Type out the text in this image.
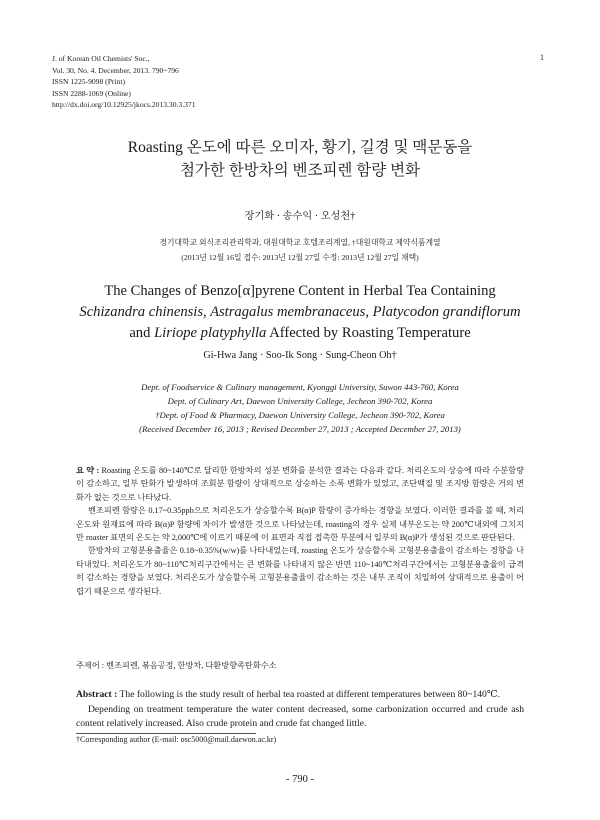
J. of Korean Oil Chemists' Soc.,
Vol. 30, No. 4. December, 2013. 790~796
ISSN 1225-9098 (Print)
ISSN 2288-1069 (Online)
http://dx.doi.org/10.12925/jkocs.2013.30.3.371
1
Roasting 온도에 따른 오미자, 황기, 길경 및 맥문동을
첨가한 한방차의 벤조피렌 함량 변화
장기화 · 송수익 · 오성천†
경기대학교 외식조리관리학과, 대원대학교 호텔조리계열, †대원대학교 제약식품계열
(2013년 12월 16일 접수: 2013년 12월 27일 수정: 2013년 12월 27일 채택)
The Changes of Benzo[α]pyrene Content in Herbal Tea Containing
Schizandra chinensis, Astragalus membranaceus, Platycodon grandiflorum
and Liriope platyphylla Affected by Roasting Temperature
Gi-Hwa Jang · Soo-Ik Song · Sung-Cheon Oh†
Dept. of Foodservice & Culinary management, Kyonggi University, Suwon 443-760, Korea
Dept. of Culinary Art, Daewon University College, Jecheon 390-702, Korea
†Dept. of Food & Pharmacy, Daewon University College, Jecheon 390-702, Korea
(Received December 16, 2013 ; Revised December 27, 2013 ; Accepted December 27, 2013)

요 약 : Roasting 온도를 80~140℃로 달리한 한방차의 성분 변화를 분석한 결과는 다음과 같다. 처리온도의 상승에 따라 수분함량이 감소하고, 일부 탄화가 발생하며 조회분 함량이 상대적으로 상승하는 소폭 변화가 있었고, 조단백질 및 조지방 함량은 거의 변화가 없는 것으로 나타났다.

벤조피렌 함량은 0.17~0.35ppb으로 처리온도가 상승할수록 B(α)P 함량이 증가하는 경향을 보였다. 이러한 결과를 볼 때, 처리온도와 원재료에 따라 B(α)P 함량에 차이가 발생한 것으로 나타났는데, roasting의 경우 실제 내부온도는 약 200℃내외에 그치지만 roaster 표면의 온도는 약 2,000℃에 이르기 때문에 이 표면과 직접 접촉한 부분에서 일부의 B(α)P가 생성된 것으로 판단된다.

한방차의 고형분용출율은 0.18~0.35%(w/w)를 나타내었는데, roasting 온도가 상승할수록 고형분용출율이 감소하는 경향을 나타내었다. 처리온도가 80~110℃처리구간에서는 큰 변화를 나타내지 않은 반면 110~140℃처리구간에서는 고형분용출율이 급격히 감소하는 경향을 보였다. 처리온도가 상승할수록 고형분용출율이 감소하는 것은 내부 조직이 치밀하여 상대적으로 용출이 어렵기 때문으로 생각된다.

주제어 : 벤조피렌, 볶음공정, 한방차, 다환방향족탄화수소

Abstract : The following is the study result of herbal tea roasted at different temperatures between 80~140℃.

Depending on treatment temperature the water content decreased, some carbonization occurred and crude ash content relatively increased. Also crude protein and crude fat changed little.

†Corresponding author (E-mail: osc5000@mail.daewon.ac.kr)
- 790 -
